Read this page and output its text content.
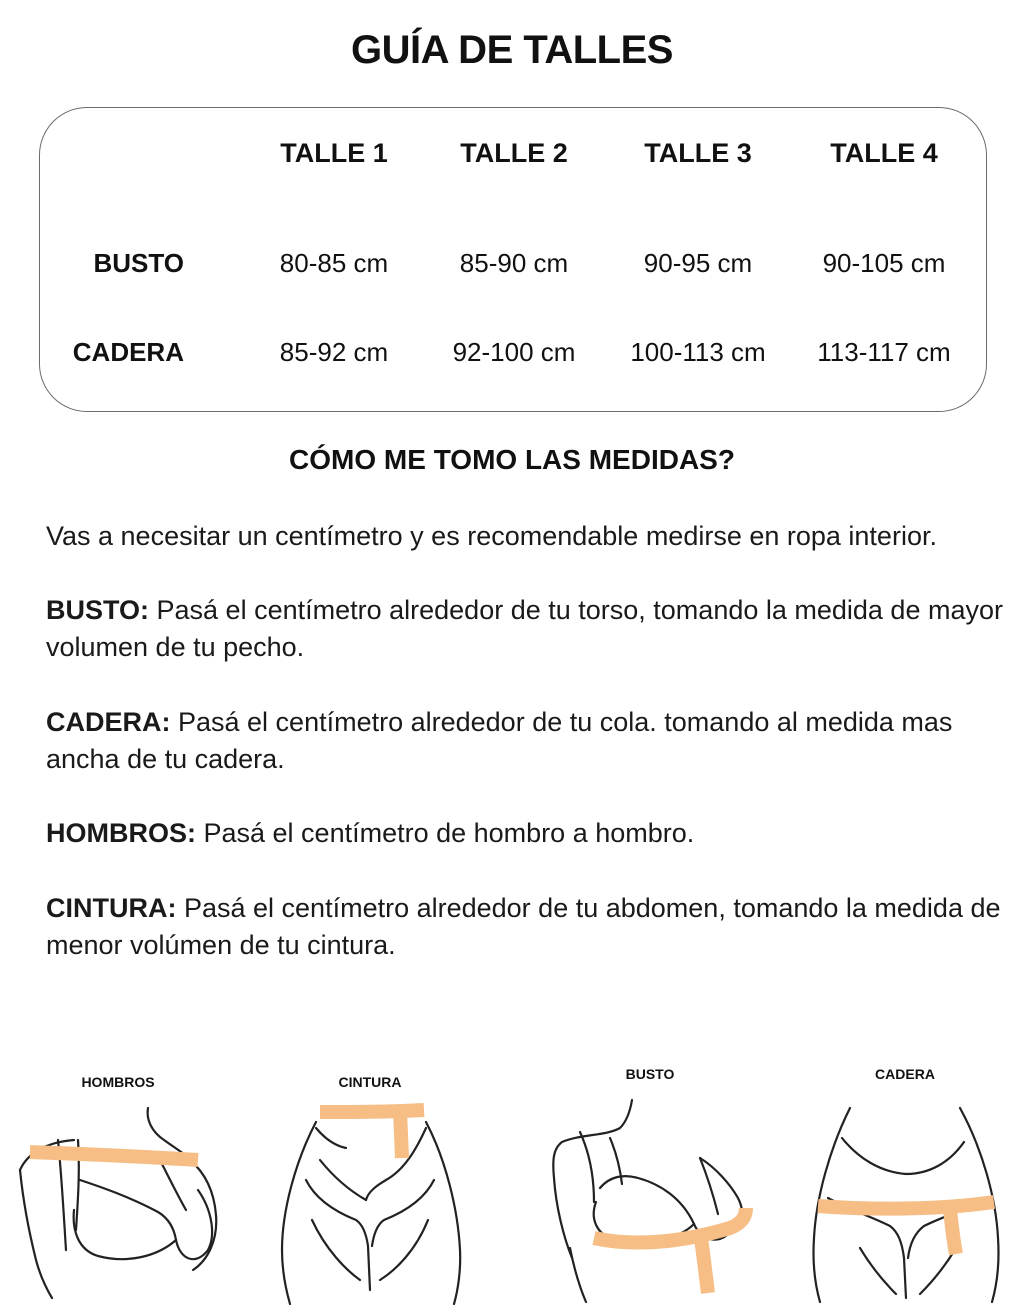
GUÍA DE TALLES
TALLE 1	TALLE 2	TALLE 3	TALLE 4
BUSTO	80-85 cm	85-90 cm	90-95 cm	90-105 cm
CADERA	85-92 cm	92-100 cm	100-113 cm	113-117 cm
CÓMO ME TOMO LAS MEDIDAS?

Vas a necesitar un centímetro y es recomendable medirse en ropa interior.

BUSTO: Pasá el centímetro alrededor de tu torso, tomando la medida de mayor volumen de tu pecho.

CADERA: Pasá el centímetro alrededor de tu cola. tomando al medida mas ancha de tu cadera.

HOMBROS: Pasá el centímetro de hombro a hombro.

CINTURA: Pasá el centímetro alrededor de tu abdomen, tomando la medida de menor volúmen de tu cintura.

HOMBROS	CINTURA	BUSTO	CADERA
